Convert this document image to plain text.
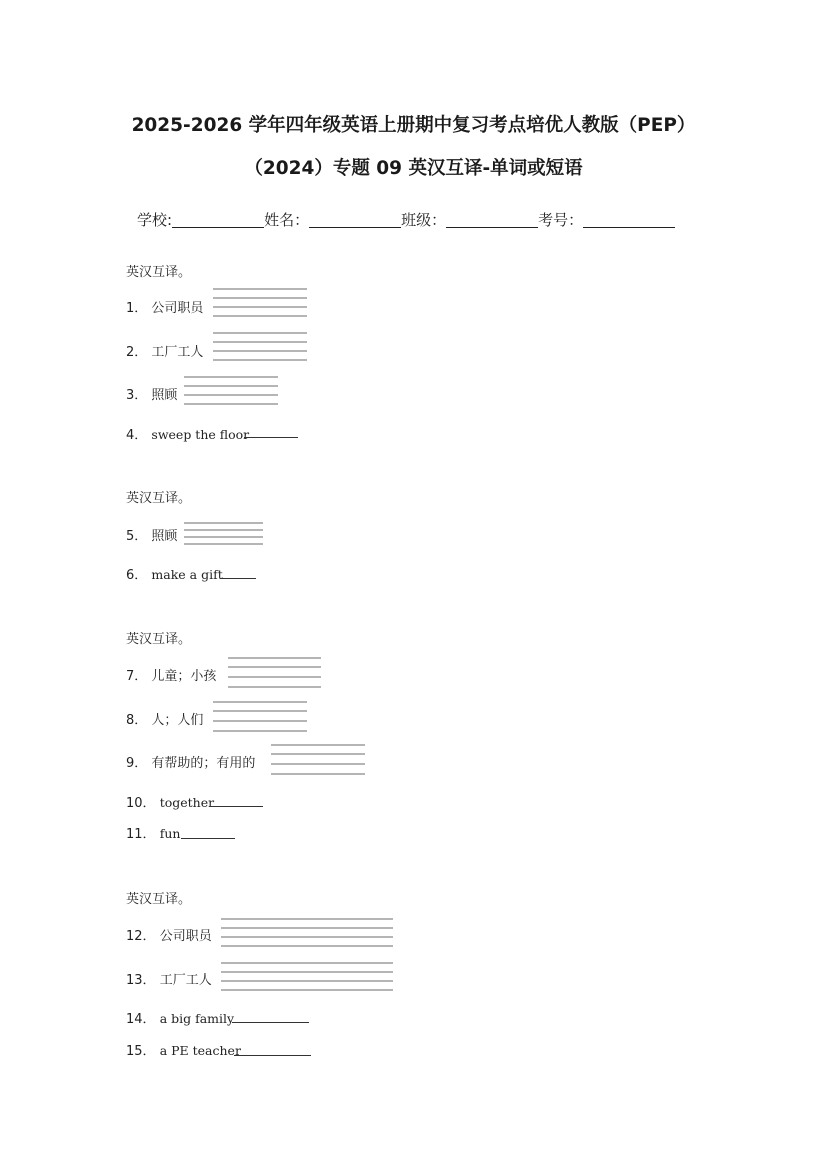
2025-2026 学年四年级英语上册期中复习考点培优人教版（PEP）
（2024）专题 09 英汉互译-单词或短语
学校:	姓名：	班级：	考号：
英汉互译。
1． 公司职员
2． 工厂工人
3． 照顾
4． sweep the floor
英汉互译。
5． 照顾
6． make a gift
英汉互译。
7． 儿童；小孩
8． 人；人们
9． 有帮助的；有用的
10． together
11． fun
英汉互译。
12． 公司职员
13． 工厂工人
14． a big family
15． a PE teacher
